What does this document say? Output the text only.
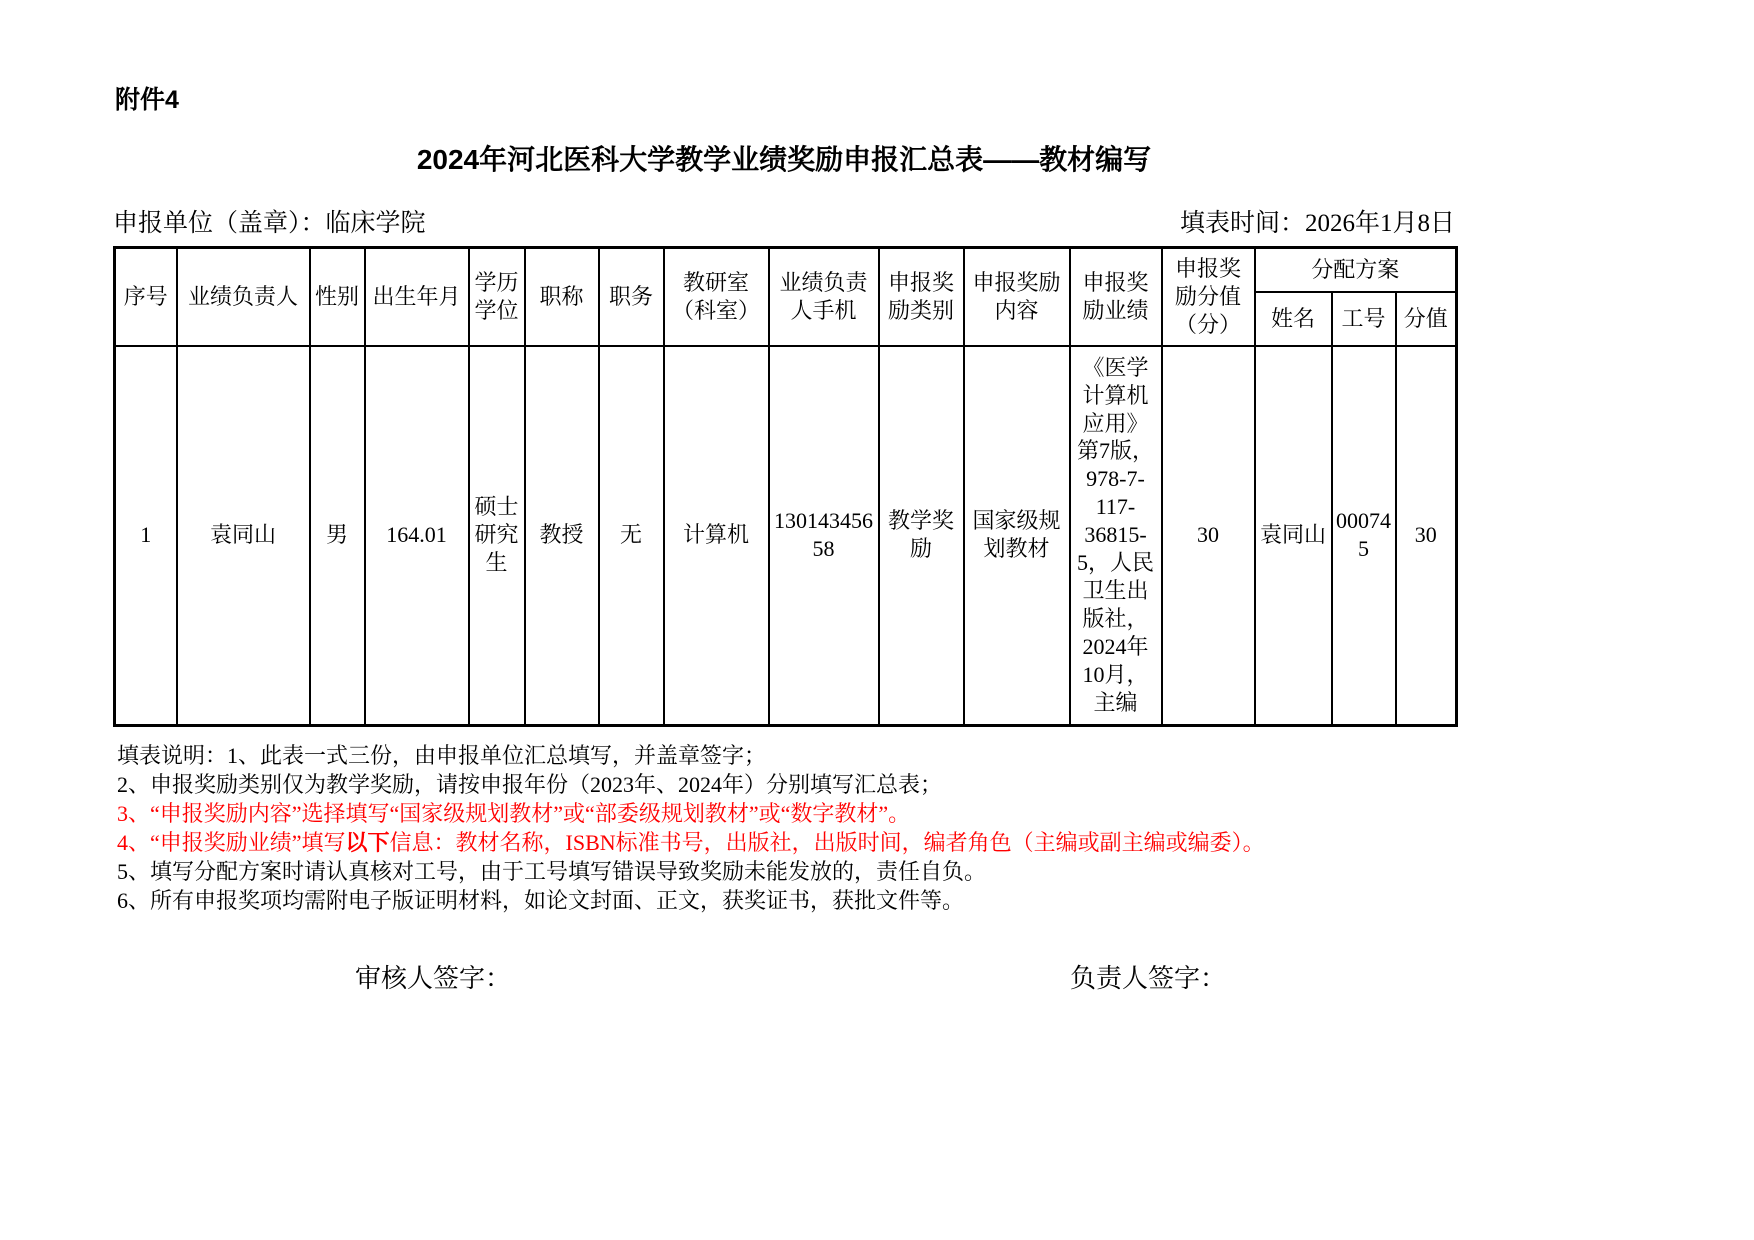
附件4
2024年河北医科大学教学业绩奖励申报汇总表——教材编写
申报单位（盖章）：临床学院	填表时间：2026年1月8日
序号	业绩负责人	性别	出生年月	学历学位	职称	职务	教研室（科室）	业绩负责人手机	申报奖励类别	申报奖励内容	申报奖励业绩	申报奖励分值（分）	分配方案		
													姓名	工号	分值
1	袁同山	男	164.01	硕士研究生	教授	无	计算机	13014345658	教学奖励	国家级规划教材	《医学计算机应用》第7版，978-7-117-36815-5，人民卫生出版社，2024年10月，主编	30	袁同山	000745	30
填表说明：1、此表一式三份，由申报单位汇总填写，并盖章签字；
2、申报奖励类别仅为教学奖励，请按申报年份（2023年、2024年）分别填写汇总表；
3、“申报奖励内容”选择填写“国家级规划教材”或“部委级规划教材”或“数字教材”。
4、“申报奖励业绩”填写以下信息：教材名称，ISBN标准书号，出版社，出版时间，编者角色（主编或副主编或编委）。
5、填写分配方案时请认真核对工号，由于工号填写错误导致奖励未能发放的，责任自负。
6、所有申报奖项均需附电子版证明材料，如论文封面、正文，获奖证书，获批文件等。
审核人签字：	负责人签字：
